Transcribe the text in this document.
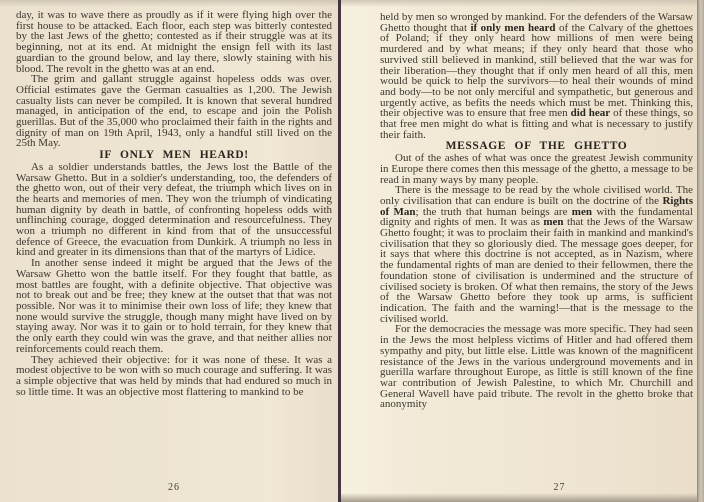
day, it was to wave there as proudly as if it were flying high over the first house to be attacked. Each floor, each step was bitterly contested by the last Jews of the ghetto; contested as if their struggle was at its beginning, not at its end. At midnight the ensign fell with its last guardian to the ground below, and lay there, slowly staining with his blood. The revolt in the ghetto was at an end.

The grim and gallant struggle against hopeless odds was over. Official estimates gave the German casualties as 1,200. The Jewish casualty lists can never be compiled. It is known that several hundred managed, in anticipation of the end, to escape and join the Polish guerillas. But of the 35,000 who proclaimed their faith in the rights and dignity of man on 19th April, 1943, only a handful still lived on the 25th May.

IF ONLY MEN HEARD!

As a soldier understands battles, the Jews lost the Battle of the Warsaw Ghetto. But in a soldier's understanding, too, the defenders of the ghetto won, out of their very defeat, the triumph which lives on in the hearts and memories of men. They won the triumph of vindicating human dignity by death in battle, of confronting hopeless odds with unflinching courage, dogged determination and resourcefulness. They won a triumph no different in kind from that of the unsuccessful defence of Greece, the evacuation from Dunkirk. A triumph no less in kind and greater in its dimensions than that of the martyrs of Lidice.

In another sense indeed it might be argued that the Jews of the Warsaw Ghetto won the battle itself. For they fought that battle, as most battles are fought, with a definite objective. That objective was not to break out and be free; they knew at the outset that that was not possible. Nor was it to minimise their own loss of life; they knew that none would survive the struggle, though many might have lived on by staying away. Nor was it to gain or to hold terrain, for they knew that the only earth they could win was the grave, and that neither allies nor reinforcements could reach them.

They achieved their objective: for it was none of these. It was a modest objective to be won with so much courage and suffering. It was a simple objective that was held by minds that had endured so much in so little time. It was an objective most flattering to mankind to be

26

held by men so wronged by mankind. For the defenders of the Warsaw Ghetto thought that if only men heard of the Calvary of the ghettoes of Poland; if they only heard how millions of men were being murdered and by what means; if they only heard that those who survived still believed in mankind, still believed that the war was for their liberation—they thought that if only men heard of all this, men would be quick to help the survivors—to heal their wounds of mind and body—to be not only merciful and sympathetic, but generous and urgently active, as befits the needs which must be met. Thinking this, their objective was to ensure that free men did hear of these things, so that free men might do what is fitting and what is necessary to justify their faith.

MESSAGE OF THE GHETTO

Out of the ashes of what was once the greatest Jewish community in Europe there comes then this message of the ghetto, a message to be read in many ways by many people.

There is the message to be read by the whole civilised world. The only civilisation that can endure is built on the doctrine of the Rights of Man; the truth that human beings are men with the fundamental dignity and rights of men. It was as men that the Jews of the Warsaw Ghetto fought; it was to proclaim their faith in mankind and mankind's civilisation that they so gloriously died. The message goes deeper, for it says that where this doctrine is not accepted, as in Nazism, where the fundamental rights of man are denied to their fellowmen, there the foundation stone of civilisation is undermined and the structure of civilised society is broken. Of what then remains, the story of the Jews of the Warsaw Ghetto before they took up arms, is sufficient indication. The faith and the warning!—that is the message to the civilised world.

For the democracies the message was more specific. They had seen in the Jews the most helpless victims of Hitler and had offered them sympathy and pity, but little else. Little was known of the magnificent resistance of the Jews in the various underground movements and in guerilla warfare throughout Europe, as little is still known of the fine war contribution of Jewish Palestine, to which Mr. Churchill and General Wavell have paid tribute. The revolt in the ghetto broke that anonymity

27
